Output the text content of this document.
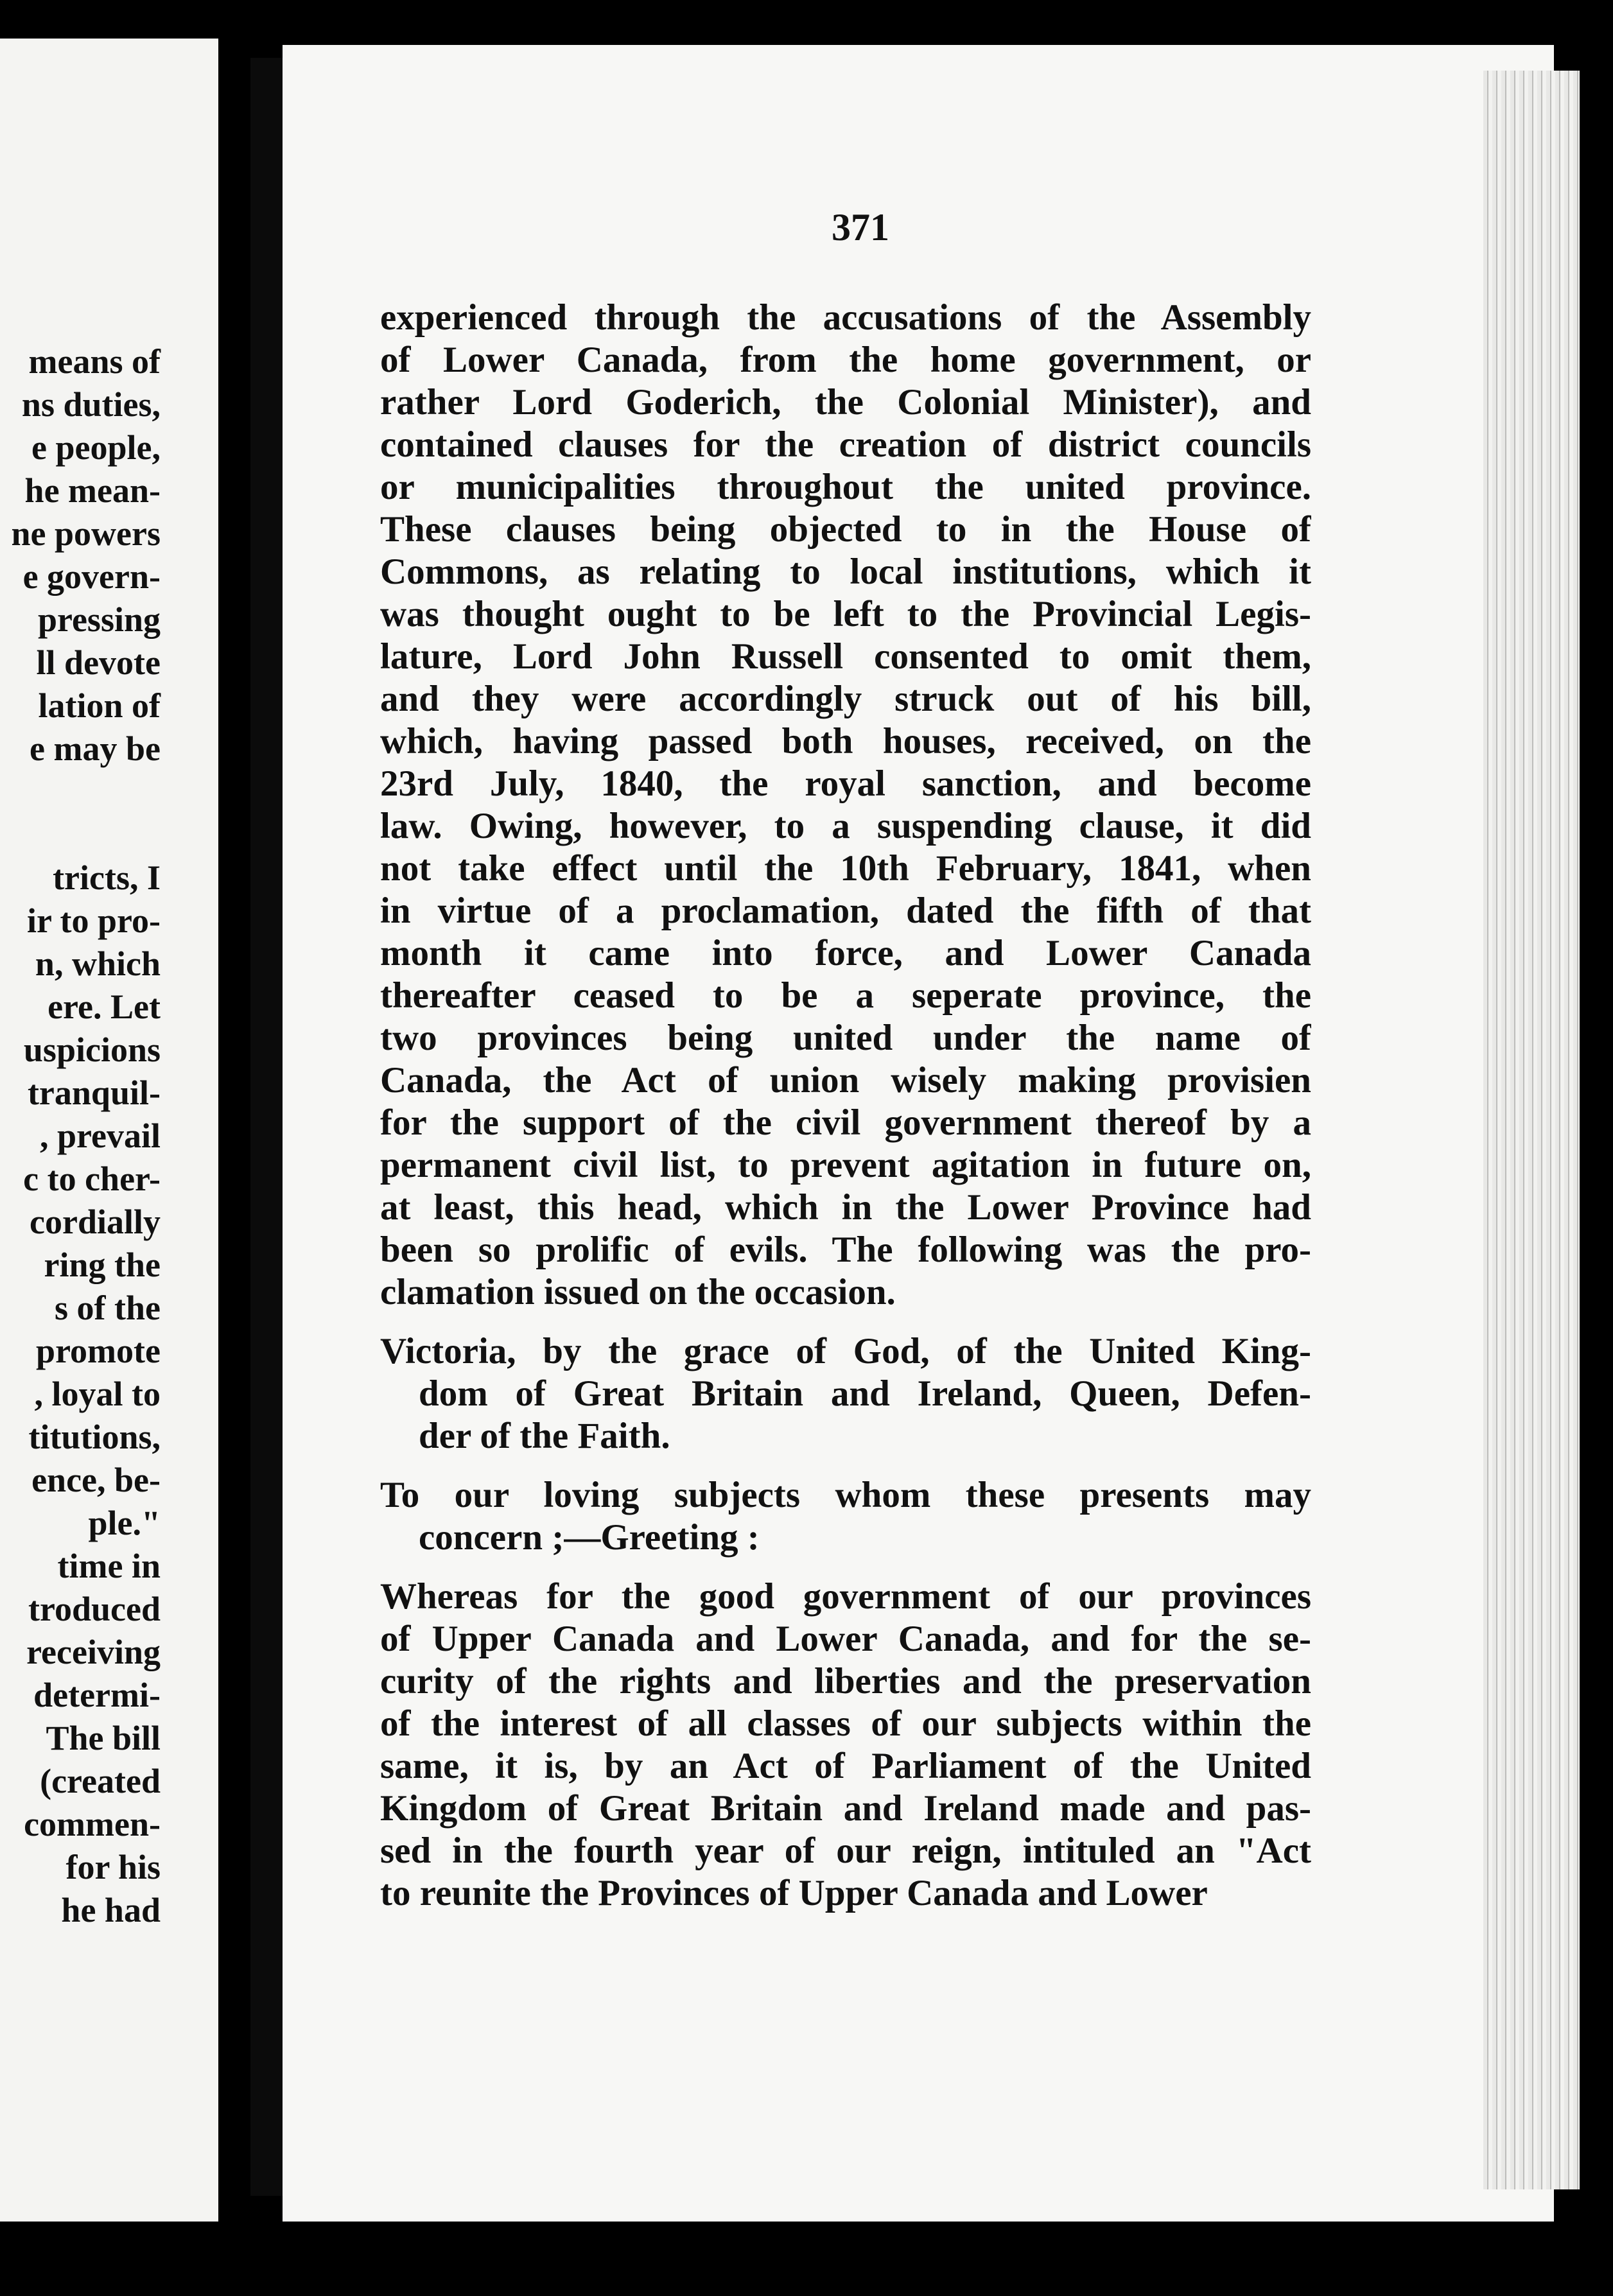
means of
ns duties,
e people,
he mean-
ne powers
e govern-
pressing
ll devote
lation of
e may be
tricts, I
ir to pro-
n, which
ere. Let
uspicions
tranquil-
, prevail
c to cher-
cordially
ring the
s of the
promote
, loyal to
titutions,
ence, be-
ple."
time in
troduced
receiving
determi-
The bill
(created
commen-
for his
he had
371
experienced through the accusations of the Assembly
of Lower Canada, from the home government, or
rather Lord Goderich, the Colonial Minister), and
contained clauses for the creation of district councils
or municipalities throughout the united province.
These clauses being objected to in the House of
Commons, as relating to local institutions, which it
was thought ought to be left to the Provincial Legis-
lature, Lord John Russell consented to omit them,
and they were accordingly struck out of his bill,
which, having passed both houses, received, on the
23rd July, 1840, the royal sanction, and become
law. Owing, however, to a suspending clause, it did
not take effect until the 10th February, 1841, when
in virtue of a proclamation, dated the fifth of that
month it came into force, and Lower Canada
thereafter ceased to be a seperate province, the
two provinces being united under the name of
Canada, the Act of union wisely making provisien
for the support of the civil government thereof by a
permanent civil list, to prevent agitation in future on,
at least, this head, which in the Lower Province had
been so prolific of evils. The following was the pro-
clamation issued on the occasion.
Victoria, by the grace of God, of the United King-
dom of Great Britain and Ireland, Queen, Defen-
der of the Faith.
To our loving subjects whom these presents may
concern ;—Greeting :
Whereas for the good government of our provinces
of Upper Canada and Lower Canada, and for the se-
curity of the rights and liberties and the preservation
of the interest of all classes of our subjects within the
same, it is, by an Act of Parliament of the United
Kingdom of Great Britain and Ireland made and pas-
sed in the fourth year of our reign, intituled an "Act
to reunite the Provinces of Upper Canada and Lower
